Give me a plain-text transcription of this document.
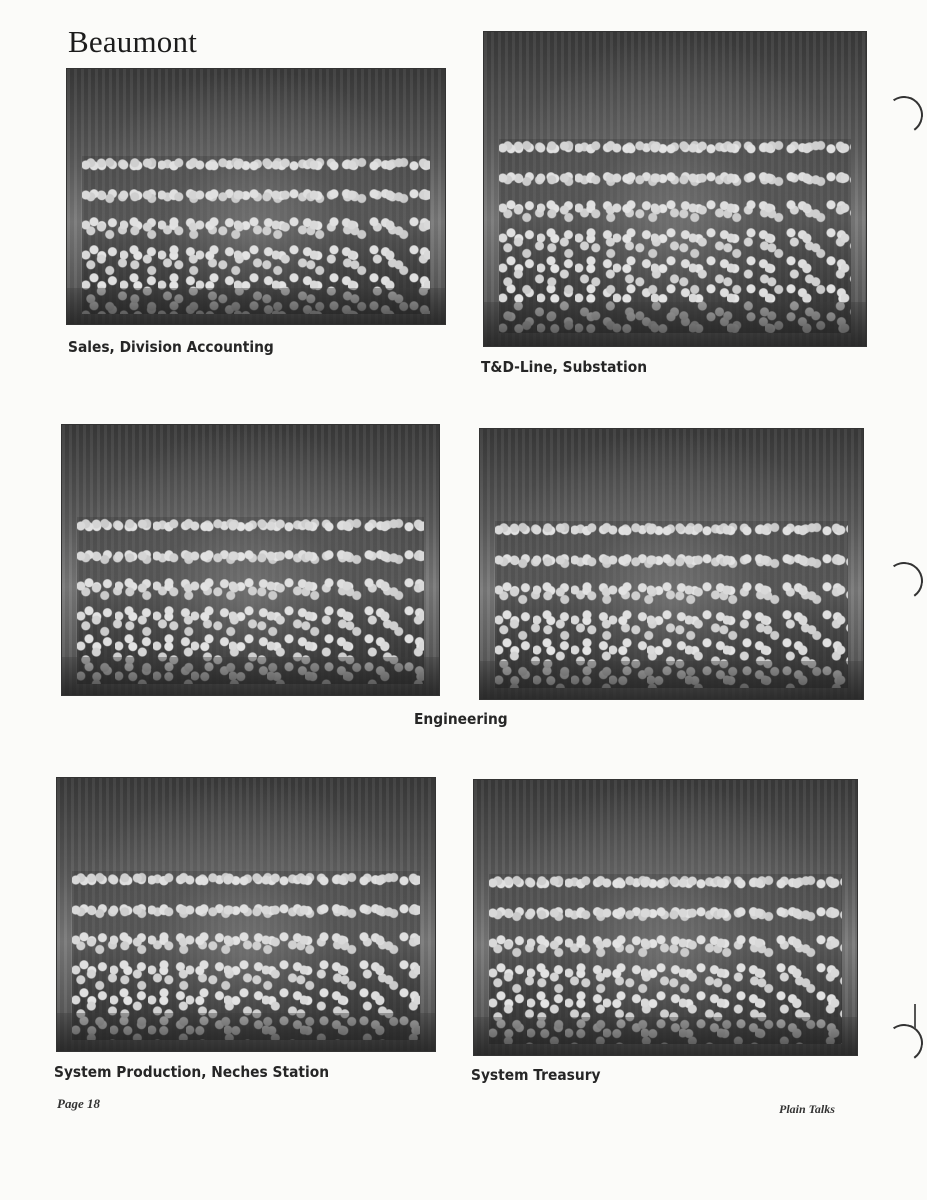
Beaumont
Sales, Division Accounting
T&D-Line, Substation
Engineering
System Production, Neches Station	System Treasury
Page 18	Plain Talks
